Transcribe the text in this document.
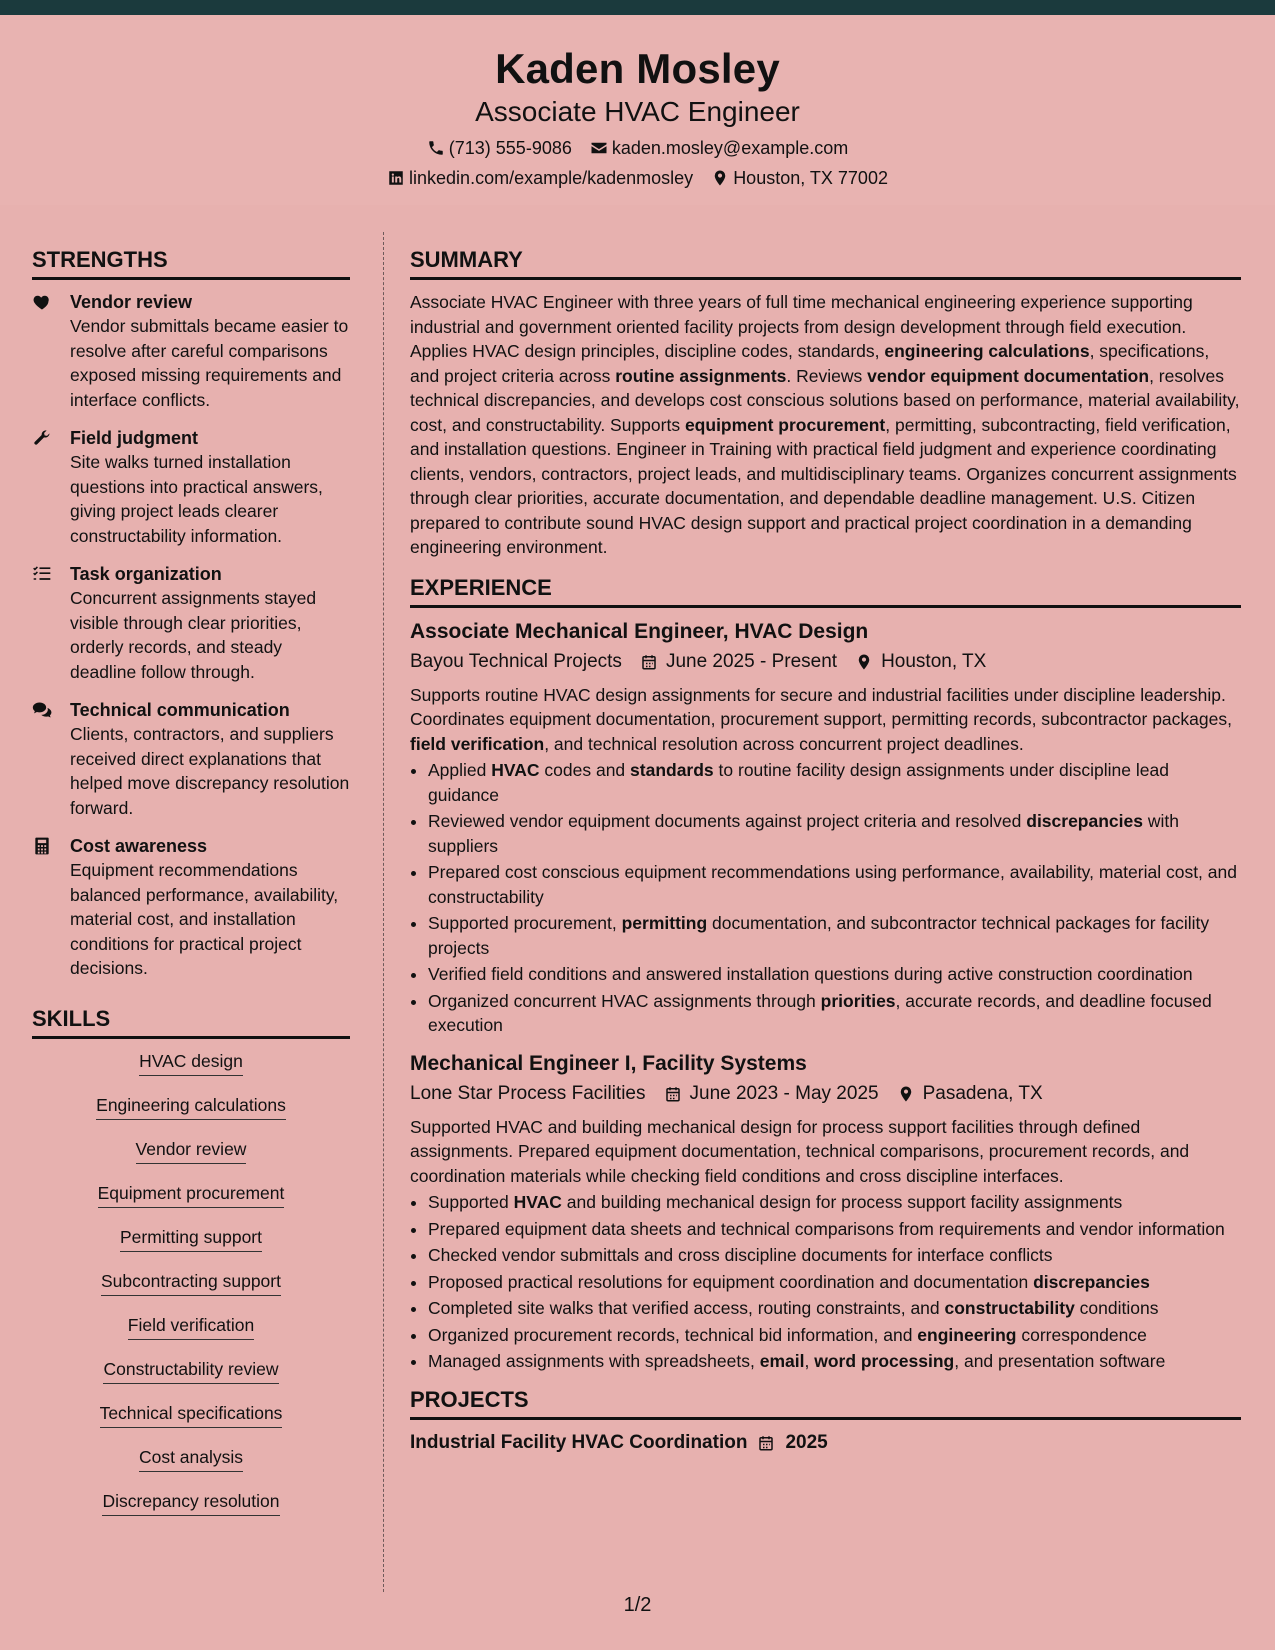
Kaden Mosley
Associate HVAC Engineer
(713) 555-9086 kaden.mosley@example.com
linkedin.com/example/kadenmosley Houston, TX 77002
STRENGTHS
Vendor review
Vendor submittals became easier to resolve after careful comparisons exposed missing requirements and interface conflicts.
Field judgment
Site walks turned installation questions into practical answers, giving project leads clearer constructability information.
Task organization
Concurrent assignments stayed visible through clear priorities, orderly records, and steady deadline follow through.
Technical communication
Clients, contractors, and suppliers received direct explanations that helped move discrepancy resolution forward.
Cost awareness
Equipment recommendations balanced performance, availability, material cost, and installation conditions for practical project decisions.
SKILLS
HVAC design
Engineering calculations
Vendor review
Equipment procurement
Permitting support
Subcontracting support
Field verification
Constructability review
Technical specifications
Cost analysis
Discrepancy resolution
SUMMARY
Associate HVAC Engineer with three years of full time mechanical engineering experience supporting industrial and government oriented facility projects from design development through field execution. Applies HVAC design principles, discipline codes, standards, engineering calculations, specifications, and project criteria across routine assignments. Reviews vendor equipment documentation, resolves technical discrepancies, and develops cost conscious solutions based on performance, material availability, cost, and constructability. Supports equipment procurement, permitting, subcontracting, field verification, and installation questions. Engineer in Training with practical field judgment and experience coordinating clients, vendors, contractors, project leads, and multidisciplinary teams. Organizes concurrent assignments through clear priorities, accurate documentation, and dependable deadline management. U.S. Citizen prepared to contribute sound HVAC design support and practical project coordination in a demanding engineering environment.
EXPERIENCE
Associate Mechanical Engineer, HVAC Design
Bayou Technical Projects June 2025 - Present Houston, TX
Supports routine HVAC design assignments for secure and industrial facilities under discipline leadership. Coordinates equipment documentation, procurement support, permitting records, subcontractor packages, field verification, and technical resolution across concurrent project deadlines.
• Applied HVAC codes and standards to routine facility design assignments under discipline lead guidance
• Reviewed vendor equipment documents against project criteria and resolved discrepancies with suppliers
• Prepared cost conscious equipment recommendations using performance, availability, material cost, and constructability
• Supported procurement, permitting documentation, and subcontractor technical packages for facility projects
• Verified field conditions and answered installation questions during active construction coordination
• Organized concurrent HVAC assignments through priorities, accurate records, and deadline focused execution
Mechanical Engineer I, Facility Systems
Lone Star Process Facilities June 2023 - May 2025 Pasadena, TX
Supported HVAC and building mechanical design for process support facilities through defined assignments. Prepared equipment documentation, technical comparisons, procurement records, and coordination materials while checking field conditions and cross discipline interfaces.
• Supported HVAC and building mechanical design for process support facility assignments
• Prepared equipment data sheets and technical comparisons from requirements and vendor information
• Checked vendor submittals and cross discipline documents for interface conflicts
• Proposed practical resolutions for equipment coordination and documentation discrepancies
• Completed site walks that verified access, routing constraints, and constructability conditions
• Organized procurement records, technical bid information, and engineering correspondence
• Managed assignments with spreadsheets, email, word processing, and presentation software
PROJECTS
Industrial Facility HVAC Coordination 2025
1/2
